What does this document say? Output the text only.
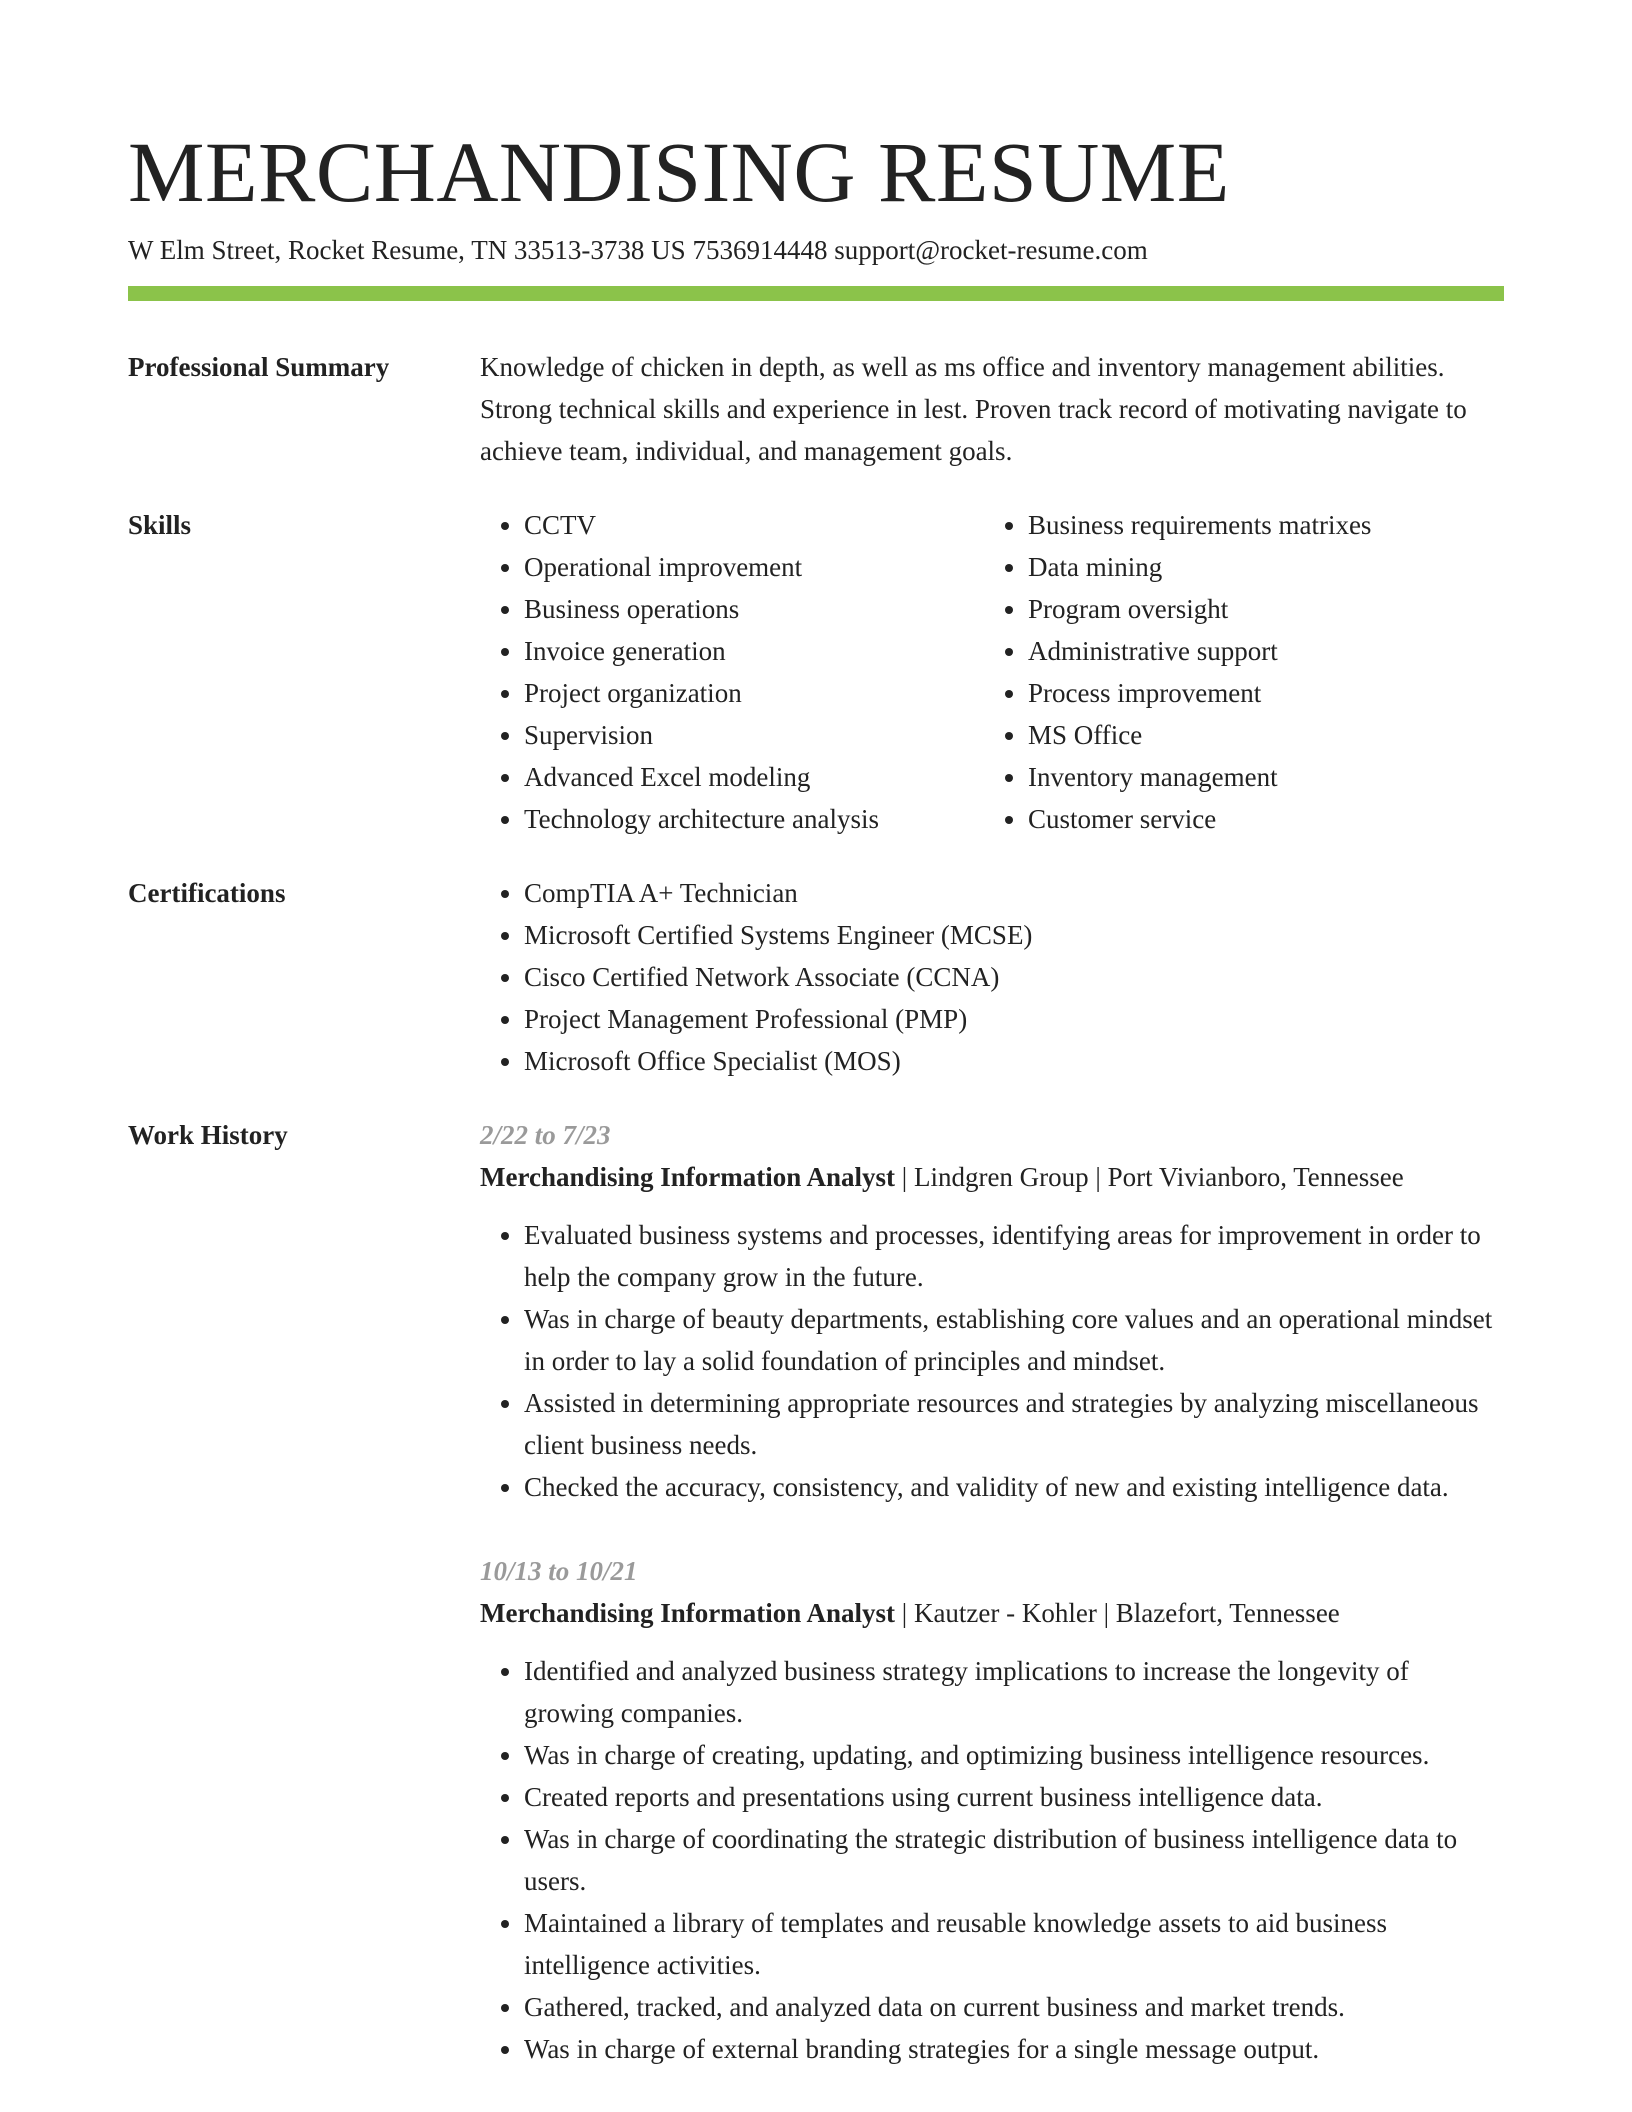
MERCHANDISING RESUME
W Elm Street, Rocket Resume, TN 33513-3738 US 7536914448 support@rocket-resume.com
Professional Summary	Knowledge of chicken in depth, as well as ms office and inventory management abilities. Strong technical skills and experience in lest. Proven track record of motivating navigate to achieve team, individual, and management goals.

Skills	• CCTV
• Operational improvement
• Business operations
• Invoice generation
• Project organization
• Supervision
• Advanced Excel modeling
• Technology architecture analysis
• Business requirements matrixes
• Data mining
• Program oversight
• Administrative support
• Process improvement
• MS Office
• Inventory management
• Customer service
Certifications	• CompTIA A+ Technician
• Microsoft Certified Systems Engineer (MCSE)
• Cisco Certified Network Associate (CCNA)
• Project Management Professional (PMP)
• Microsoft Office Specialist (MOS)
Work History	2/22 to 7/23
Merchandising Information Analyst | Lindgren Group | Port Vivianboro, Tennessee
• Evaluated business systems and processes, identifying areas for improvement in order to help the company grow in the future.
• Was in charge of beauty departments, establishing core values and an operational mindset in order to lay a solid foundation of principles and mindset.
• Assisted in determining appropriate resources and strategies by analyzing miscellaneous client business needs.
• Checked the accuracy, consistency, and validity of new and existing intelligence data.
10/13 to 10/21
Merchandising Information Analyst | Kautzer - Kohler | Blazefort, Tennessee
• Identified and analyzed business strategy implications to increase the longevity of growing companies.
• Was in charge of creating, updating, and optimizing business intelligence resources.
• Created reports and presentations using current business intelligence data.
• Was in charge of coordinating the strategic distribution of business intelligence data to users.
• Maintained a library of templates and reusable knowledge assets to aid business intelligence activities.
• Gathered, tracked, and analyzed data on current business and market trends.
• Was in charge of external branding strategies for a single message output.
